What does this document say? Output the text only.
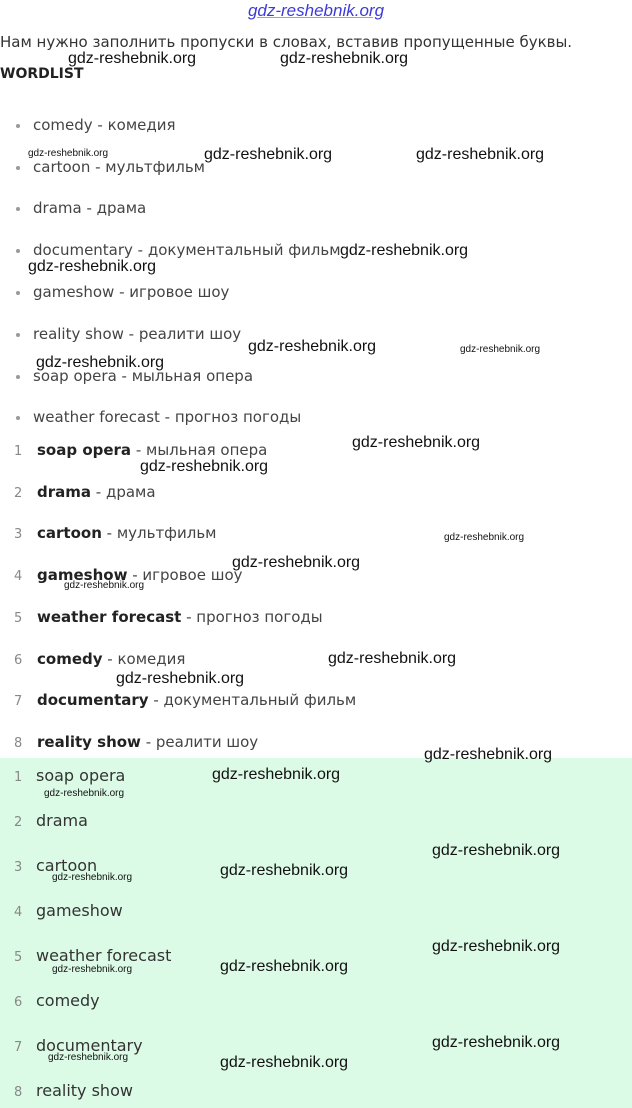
gdz-reshebnik.org
Нам нужно заполнить пропуски в словах, вставив пропущенные буквы.
WORDLIST
comedy - комедия
cartoon - мультфильм
drama - драма
documentary - документальный фильм
gameshow - игровое шоу
reality show - реалити шоу
soap opera - мыльная опера
weather forecast - прогноз погоды
1 soap opera - мыльная опера
2 drama - драма
3 cartoon - мультфильм
4 gameshow - игровое шоу
5 weather forecast - прогноз погоды
6 comedy - комедия
7 documentary - документальный фильм
8 reality show - реалити шоу
1 soap opera
2 drama
3 cartoon
4 gameshow
5 weather forecast
6 comedy
7 documentary
8 reality show
gdz-reshebnik.org	gdz-reshebnik.org
gdz-reshebnik.org	gdz-reshebnik.org	gdz-reshebnik.org
gdz-reshebnik.org
gdz-reshebnik.org
gdz-reshebnik.org	gdz-reshebnik.org
gdz-reshebnik.org
gdz-reshebnik.org
gdz-reshebnik.org
gdz-reshebnik.org
gdz-reshebnik.org
gdz-reshebnik.org
gdz-reshebnik.org
gdz-reshebnik.org
gdz-reshebnik.org
gdz-reshebnik.org
gdz-reshebnik.org
gdz-reshebnik.org
gdz-reshebnik.org
gdz-reshebnik.org
gdz-reshebnik.org
gdz-reshebnik.org
gdz-reshebnik.org
gdz-reshebnik.org
gdz-reshebnik.org	gdz-reshebnik.org
